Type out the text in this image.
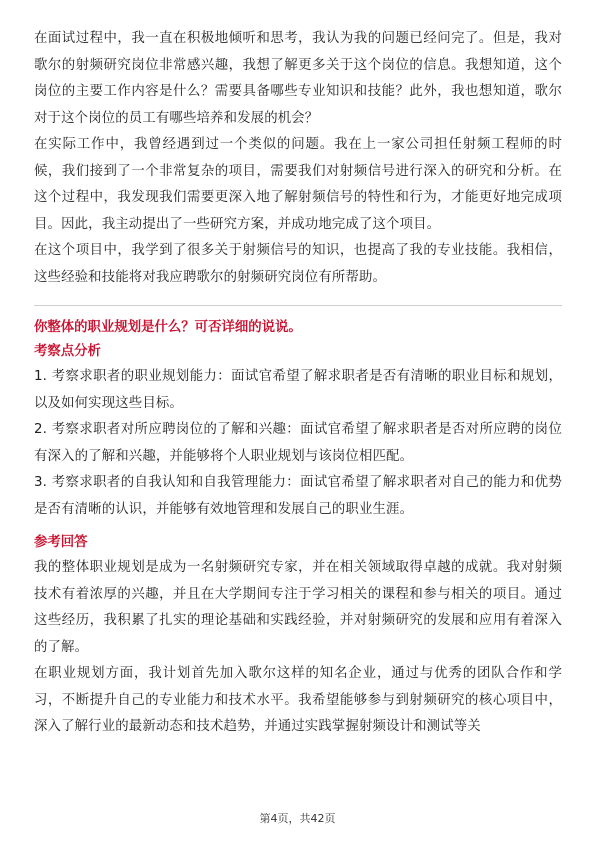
在面试过程中，我一直在积极地倾听和思考，我认为我的问题已经问完了。但是，我对歌尔的射频研究岗位非常感兴趣，我想了解更多关于这个岗位的信息。我想知道，这个岗位的主要工作内容是什么？需要具备哪些专业知识和技能？此外，我也想知道，歌尔对于这个岗位的员工有哪些培养和发展的机会？

在实际工作中，我曾经遇到过一个类似的问题。我在上一家公司担任射频工程师的时候，我们接到了一个非常复杂的项目，需要我们对射频信号进行深入的研究和分析。在这个过程中，我发现我们需要更深入地了解射频信号的特性和行为，才能更好地完成项目。因此，我主动提出了一些研究方案，并成功地完成了这个项目。

在这个项目中，我学到了很多关于射频信号的知识，也提高了我的专业技能。我相信，这些经验和技能将对我应聘歌尔的射频研究岗位有所帮助。

你整体的职业规划是什么？可否详细的说说。

考察点分析

1. 考察求职者的职业规划能力：面试官希望了解求职者是否有清晰的职业目标和规划，以及如何实现这些目标。

2. 考察求职者对所应聘岗位的了解和兴趣：面试官希望了解求职者是否对所应聘的岗位有深入的了解和兴趣，并能够将个人职业规划与该岗位相匹配。

3. 考察求职者的自我认知和自我管理能力：面试官希望了解求职者对自己的能力和优势是否有清晰的认识，并能够有效地管理和发展自己的职业生涯。

参考回答

我的整体职业规划是成为一名射频研究专家，并在相关领域取得卓越的成就。我对射频技术有着浓厚的兴趣，并且在大学期间专注于学习相关的课程和参与相关的项目。通过这些经历，我积累了扎实的理论基础和实践经验，并对射频研究的发展和应用有着深入的了解。

在职业规划方面，我计划首先加入歌尔这样的知名企业，通过与优秀的团队合作和学习，不断提升自己的专业能力和技术水平。我希望能够参与到射频研究的核心项目中，深入了解行业的最新动态和技术趋势，并通过实践掌握射频设计和测试等关

第4页，共42页
